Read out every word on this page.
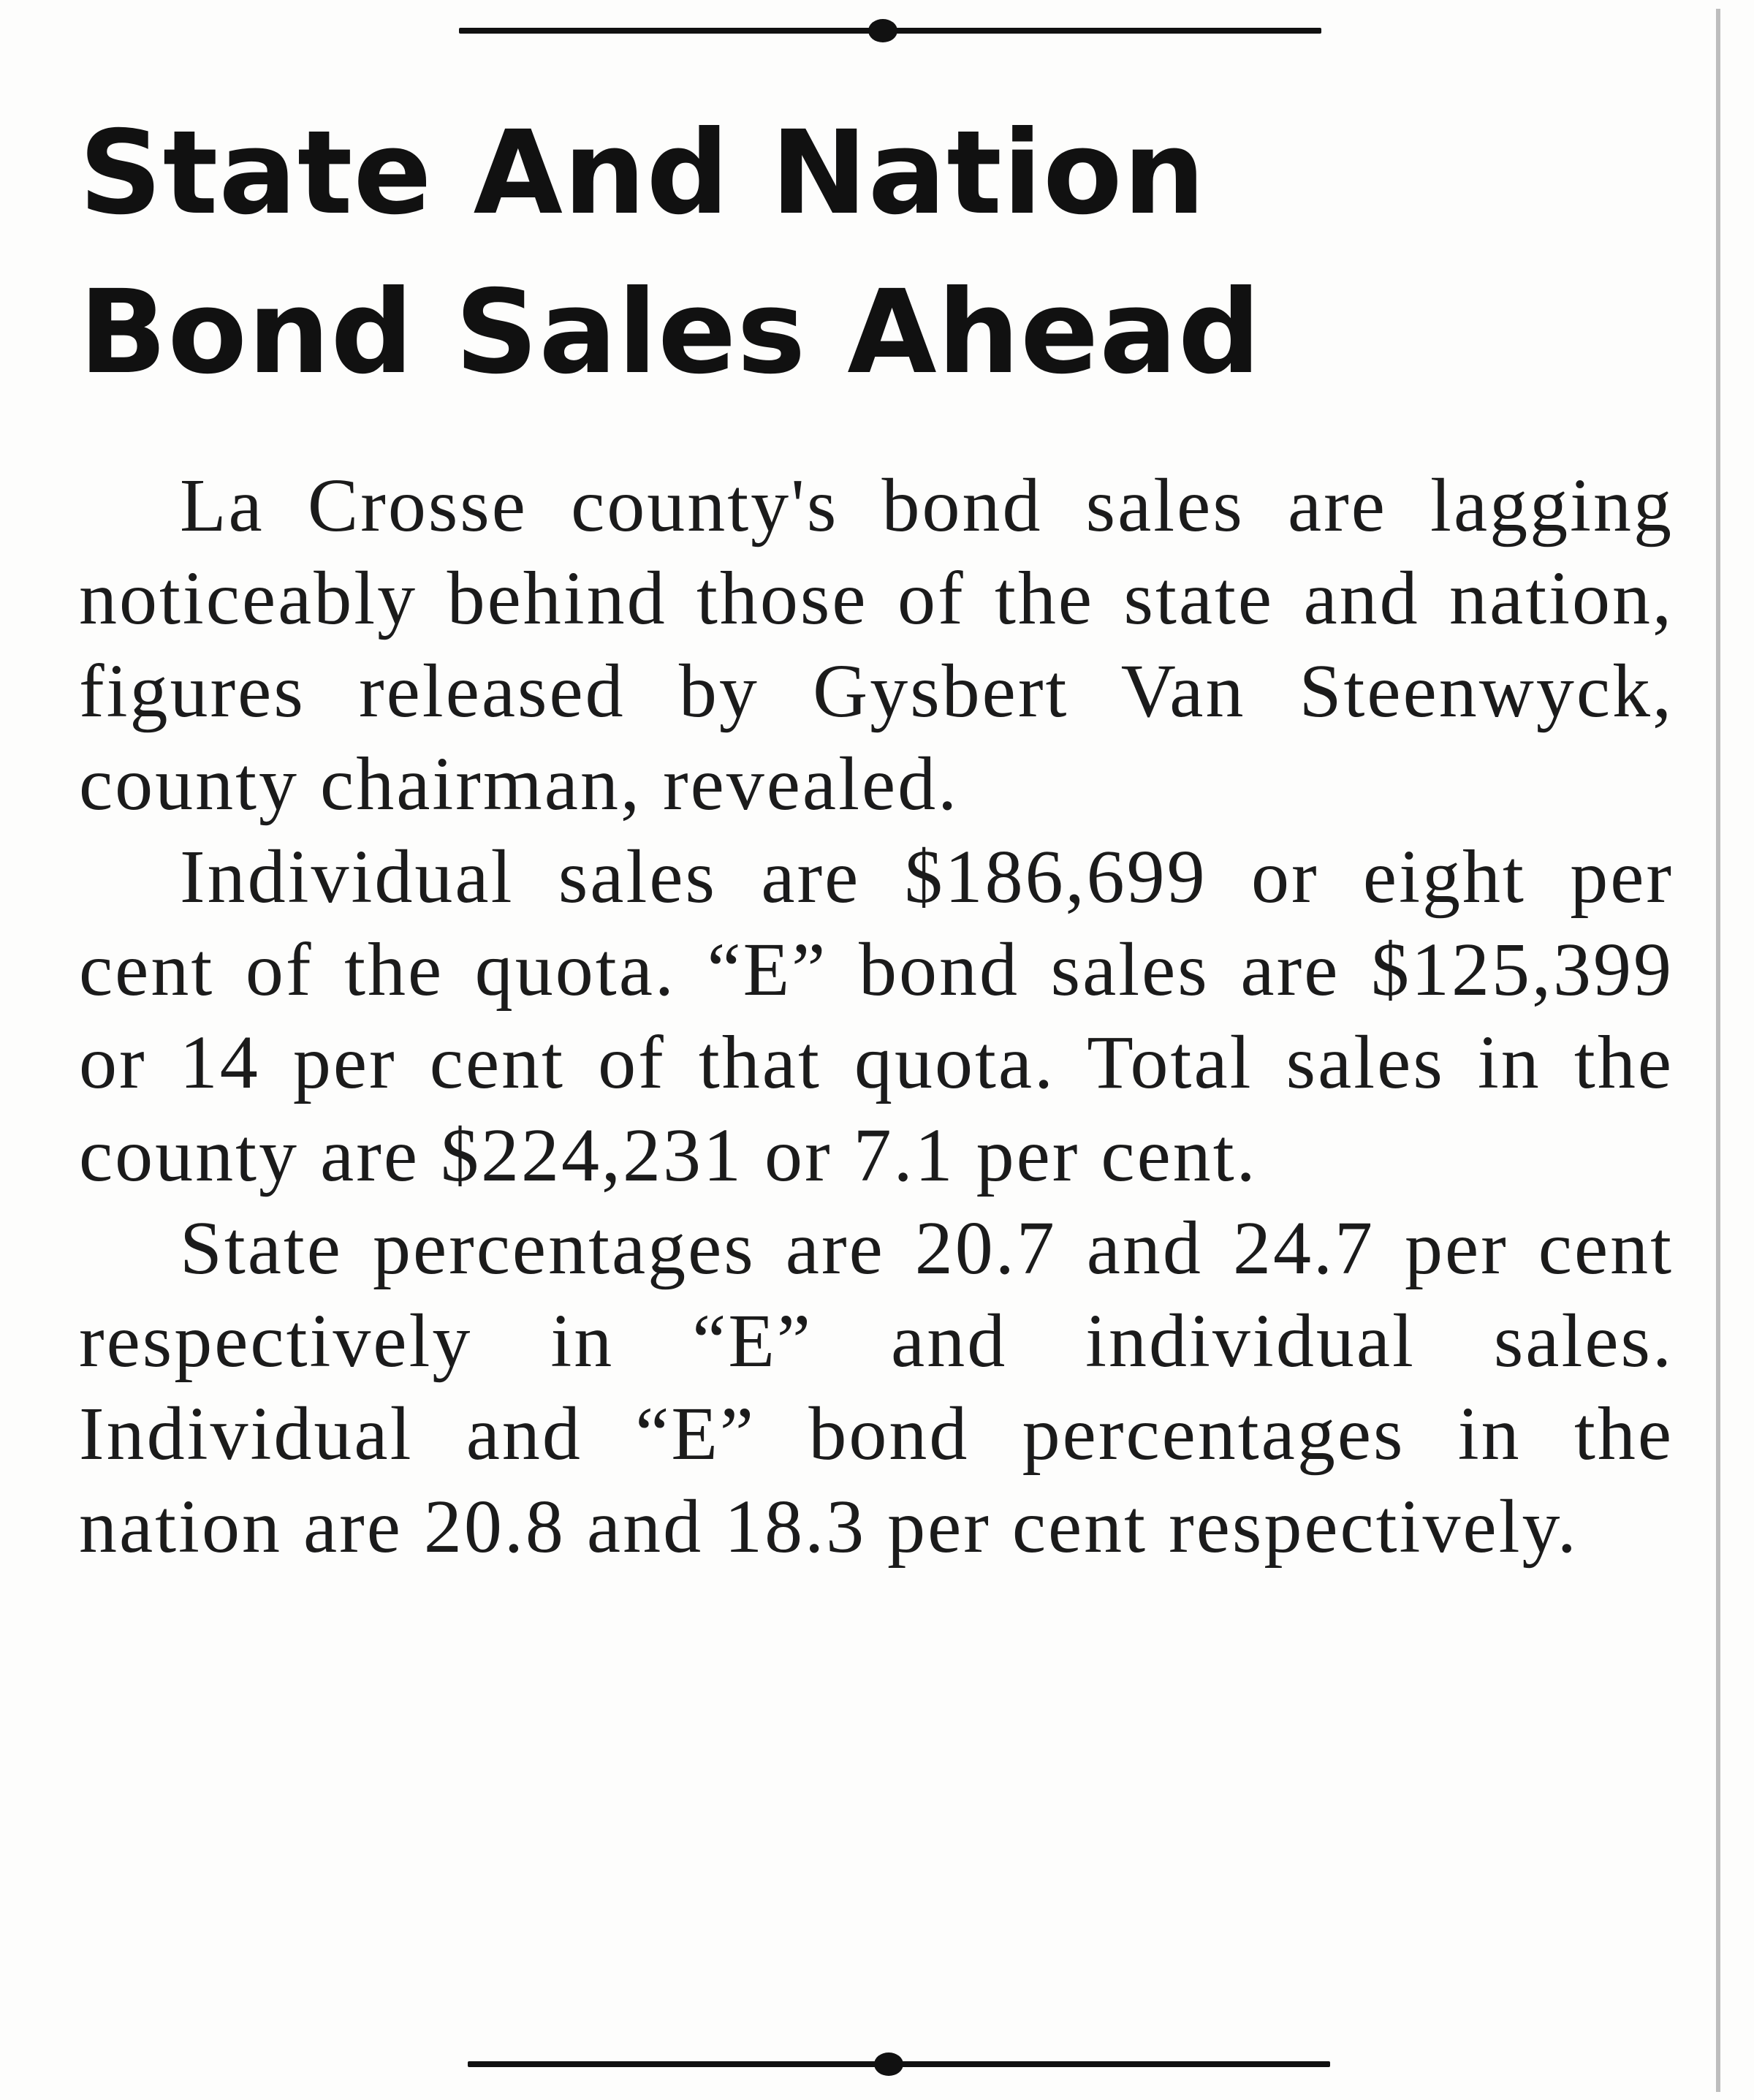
State And Nation
Bond Sales Ahead

La Crosse county's bond sales are lagging noticeably behind those of the state and nation, figures released by Gysbert Van Steenwyck, county chairman, revealed.

Individual sales are $186,699 or eight per cent of the quota. “E” bond sales are $125,399 or 14 per cent of that quota. Total sales in the county are $224,231 or 7.1 per cent.

State percentages are 20.7 and 24.7 per cent respectively in “E” and individual sales. Individual and “E” bond percentages in the nation are 20.8 and 18.3 per cent respectively.
